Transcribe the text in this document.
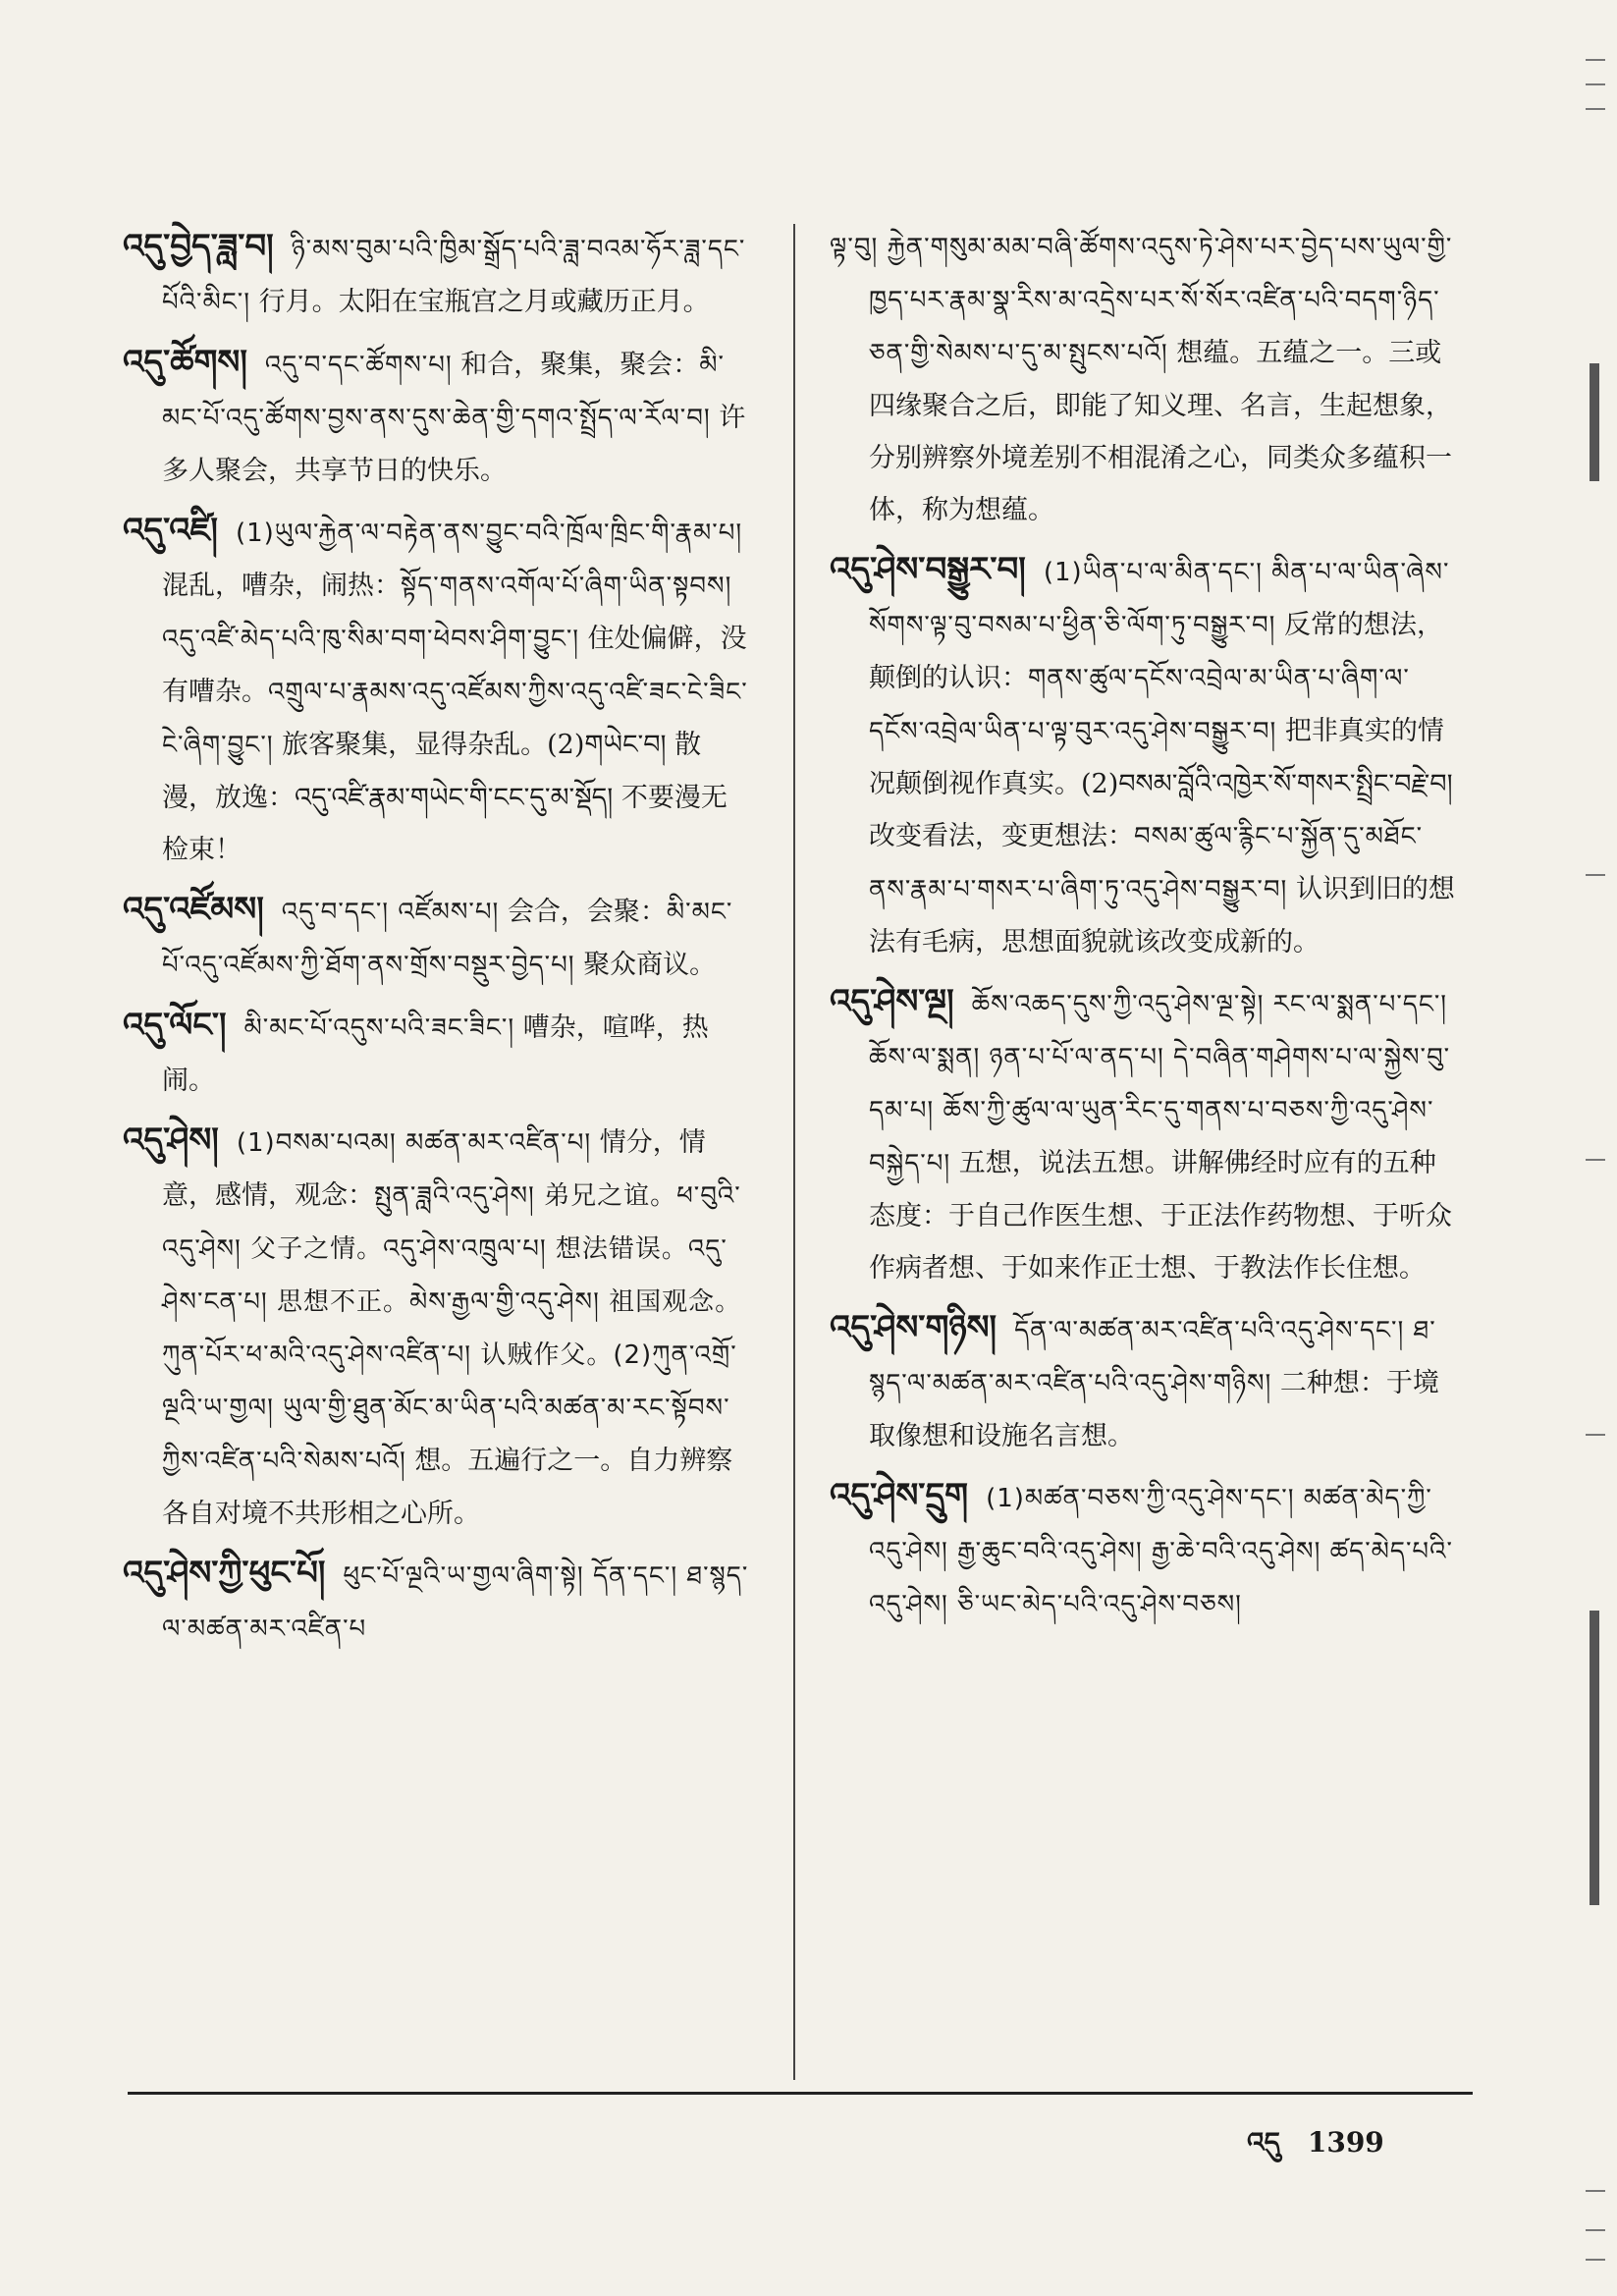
འདུ་བྱེད་ཟླ་བ། ཉི་མས་བུམ་པའི་ཁྱིམ་སྒྲོད་པའི་ཟླ་བའམ་ཧོར་ཟླ་དང་པོའི་མིང་། 行月。太阳在宝瓶宫之月或藏历正月。

འདུ་ཚོགས། འདུ་བ་དང་ཚོགས་པ། 和合，聚集，聚会：མི་མང་པོ་འདུ་ཚོགས་བྱས་ནས་དུས་ཆེན་གྱི་དགའ་སྤྲོད་ལ་རོལ་བ། 许多人聚会，共享节日的快乐。

འདུ་འཛི། (1)ཡུལ་རྐྱེན་ལ་བརྟེན་ནས་བྱུང་བའི་ཁྲོལ་ཁྲིང་གི་རྣམ་པ། 混乱，嘈杂，闹热：སྟོད་གནས་འགོལ་པོ་ཞིག་ཡིན་སྟབས། འདུ་འཛི་མེད་པའི་ཁུ་སིམ་བག་ཕེབས་ཤིག་བྱུང་། 住处偏僻，没有嘈杂。འགྲུལ་པ་རྣམས་འདུ་འཛོམས་ཀྱིས་འདུ་འཛི་ཟང་ངེ་ཟིང་ངེ་ཞིག་བྱུང་། 旅客聚集，显得杂乱。(2)གཡེང་བ། 散漫，放逸：འདུ་འཛི་རྣམ་གཡེང་གི་ངང་དུ་མ་སྡོད། 不要漫无检束！

འདུ་འཛོམས། འདུ་བ་དང་། འཛོམས་པ། 会合，会聚：མི་མང་པོ་འདུ་འཛོམས་ཀྱི་ཐོག་ནས་གྲོས་བསྡུར་བྱེད་པ། 聚众商议。

འདུ་ལོང་། མི་མང་པོ་འདུས་པའི་ཟང་ཟིང་། 嘈杂，喧哗，热闹。

འདུ་ཤེས། (1)བསམ་པའམ། མཚན་མར་འཛིན་པ། 情分，情意，感情，观念：སྤུན་ཟླའི་འདུ་ཤེས། 弟兄之谊。ཕ་བུའི་འདུ་ཤེས། 父子之情。འདུ་ཤེས་འཁྲུལ་པ། 想法错误。འདུ་ཤེས་ངན་པ། 思想不正。མེས་རྒྱལ་གྱི་འདུ་ཤེས། 祖国观念。ཀུན་པོར་ཕ་མའི་འདུ་ཤེས་འཛིན་པ། 认贼作父。(2)ཀུན་འགྲོ་ལྔའི་ཡ་གྱལ། ཡུལ་གྱི་ཐུན་མོང་མ་ཡིན་པའི་མཚན་མ་རང་སྟོབས་ཀྱིས་འཛིན་པའི་སེམས་པའོ། 想。五遍行之一。自力辨察各自对境不共形相之心所。

འདུ་ཤེས་ཀྱི་ཕུང་པོ། ཕུང་པོ་ལྔའི་ཡ་གྱལ་ཞིག་སྟེ། དོན་དང་། ཐ་སྙད་ལ་མཚན་མར་འཛིན་པ

ལྟ་བུ། རྐྱེན་གསུམ་མམ་བཞི་ཚོགས་འདུས་ཏེ་ཤེས་པར་བྱེད་པས་ཡུལ་གྱི་ཁྱད་པར་རྣམ་སྣ་རིས་མ་འདྲེས་པར་སོ་སོར་འཛིན་པའི་བདག་ཉིད་ཅན་གྱི་སེམས་པ་དུ་མ་སྤུངས་པའོ། 想蕴。五蕴之一。三或四缘聚合之后，即能了知义理、名言，生起想象，分别辨察外境差别不相混淆之心，同类众多蕴积一体，称为想蕴。

འདུ་ཤེས་བསྒྱུར་བ། (1)ཡིན་པ་ལ་མིན་དང་། མིན་པ་ལ་ཡིན་ཞེས་སོགས་ལྟ་བུ་བསམ་པ་ཕྱིན་ཅི་ལོག་ཏུ་བསྒྱུར་བ། 反常的想法，颠倒的认识：གནས་ཚུལ་དངོས་འབྲེལ་མ་ཡིན་པ་ཞིག་ལ་དངོས་འབྲེལ་ཡིན་པ་ལྟ་བུར་འདུ་ཤེས་བསྒྱུར་བ། 把非真实的情况颠倒视作真实。(2)བསམ་བློའི་འཁྱེར་སོ་གསར་སྤྲིང་བརྗེ་བ། 改变看法，变更想法：བསམ་ཚུལ་རྙིང་པ་སྐྱོན་དུ་མཐོང་ནས་རྣམ་པ་གསར་པ་ཞིག་ཏུ་འདུ་ཤེས་བསྒྱུར་བ། 认识到旧的想法有毛病，思想面貌就该改变成新的。

འདུ་ཤེས་ལྔ། ཆོས་འཆད་དུས་ཀྱི་འདུ་ཤེས་ལྔ་སྟེ། རང་ལ་སྨན་པ་དང་། ཆོས་ལ་སྨན། ཉན་པ་པོ་ལ་ནད་པ། དེ་བཞིན་གཤེགས་པ་ལ་སྐྱེས་བུ་དམ་པ། ཆོས་ཀྱི་ཚུལ་ལ་ཡུན་རིང་དུ་གནས་པ་བཅས་ཀྱི་འདུ་ཤེས་བསྐྱེད་པ། 五想，说法五想。讲解佛经时应有的五种态度：于自己作医生想、于正法作药物想、于听众作病者想、于如来作正士想、于教法作长住想。

འདུ་ཤེས་གཉིས། དོན་ལ་མཚན་མར་འཛིན་པའི་འདུ་ཤེས་དང་། ཐ་སྙད་ལ་མཚན་མར་འཛིན་པའི་འདུ་ཤེས་གཉིས། 二种想：于境取像想和设施名言想。

འདུ་ཤེས་དྲུག (1)མཚན་བཅས་ཀྱི་འདུ་ཤེས་དང་། མཚན་མེད་ཀྱི་འདུ་ཤེས། རྒྱ་ཆུང་བའི་འདུ་ཤེས། རྒྱ་ཆེ་བའི་འདུ་ཤེས། ཚད་མེད་པའི་འདུ་ཤེས། ཅི་ཡང་མེད་པའི་འདུ་ཤེས་བཅས།

འདུ 1399
